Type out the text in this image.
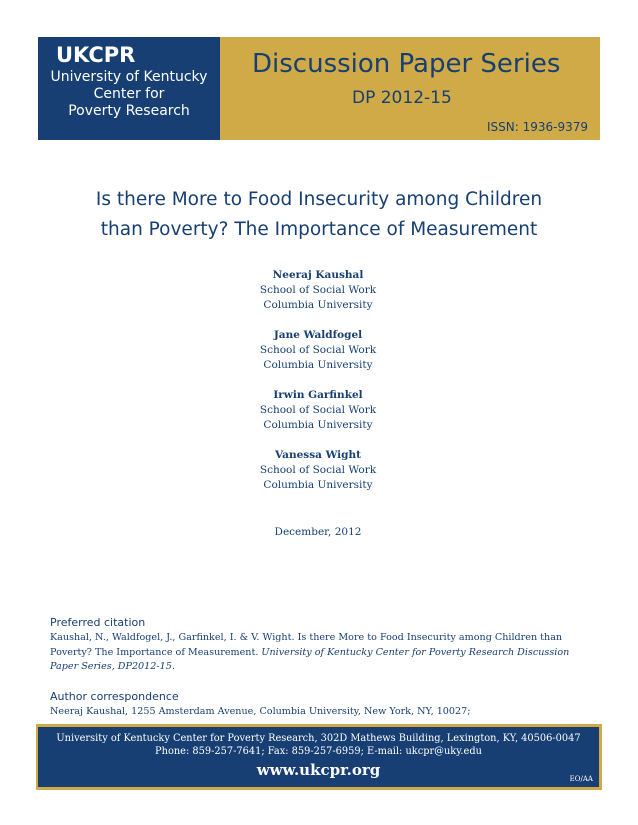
UKCPR
University of Kentucky
Center for
Poverty Research
Discussion Paper Series
DP 2012-15
ISSN: 1936-9379
Is there More to Food Insecurity among Children
than Poverty? The Importance of Measurement
Neeraj Kaushal
School of Social Work
Columbia University
Jane Waldfogel
School of Social Work
Columbia University
Irwin Garfinkel
School of Social Work
Columbia University
Vanessa Wight
School of Social Work
Columbia University
December, 2012
Preferred citation
Kaushal, N., Waldfogel, J., Garfinkel, I. & V. Wight. Is there More to Food Insecurity among Children than
Poverty? The Importance of Measurement. University of Kentucky Center for Poverty Research Discussion
Paper Series, DP2012-15.
Author correspondence
Neeraj Kaushal, 1255 Amsterdam Avenue, Columbia University, New York, NY, 10027;
University of Kentucky Center for Poverty Research, 302D Mathews Building, Lexington, KY, 40506-0047
Phone: 859-257-7641; Fax: 859-257-6959; E-mail: ukcpr@uky.edu
www.ukcpr.org	EO/AA
